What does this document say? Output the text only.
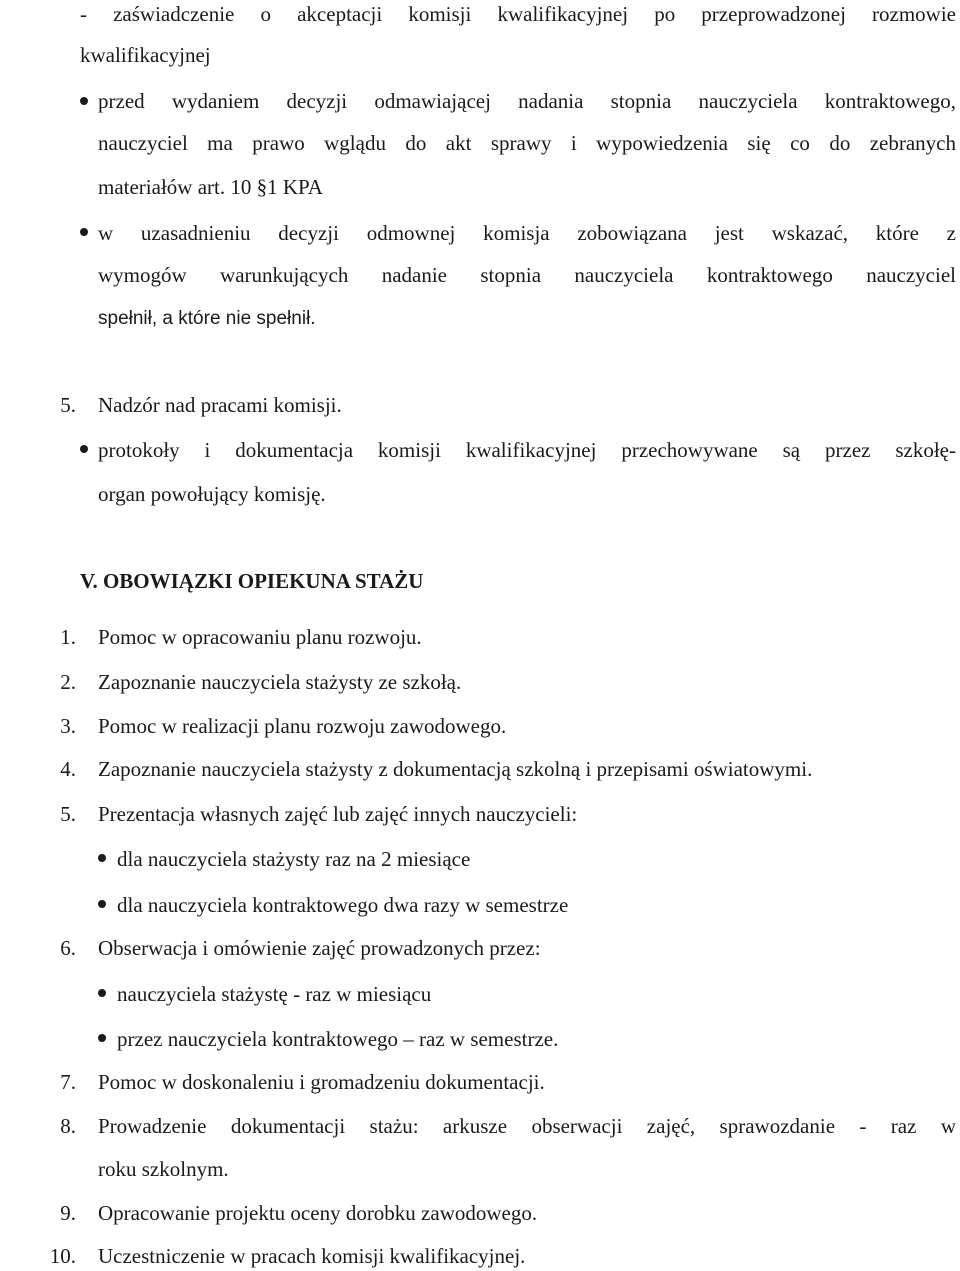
- zaświadczenie o akceptacji komisji kwalifikacyjnej po przeprowadzonej rozmowie
kwalifikacyjnej
przed wydaniem decyzji odmawiającej nadania stopnia nauczyciela kontraktowego,
nauczyciel ma prawo wglądu do akt sprawy i wypowiedzenia się co do zebranych
materiałów art. 10 §1 KPA
w uzasadnieniu decyzji odmownej komisja zobowiązana jest wskazać, które z
wymogów warunkujących nadanie stopnia nauczyciela kontraktowego nauczyciel
spełnił, a które nie spełnił.
5. Nadzór nad pracami komisji.
protokoły i dokumentacja komisji kwalifikacyjnej przechowywane są przez szkołę-
organ powołujący komisję.
V. OBOWIĄZKI OPIEKUNA STAŻU
1. Pomoc w opracowaniu planu rozwoju.
2. Zapoznanie nauczyciela stażysty ze szkołą.
3. Pomoc w realizacji planu rozwoju zawodowego.
4. Zapoznanie nauczyciela stażysty z dokumentacją szkolną i przepisami oświatowymi.
5. Prezentacja własnych zajęć lub zajęć innych nauczycieli:
dla nauczyciela stażysty raz na 2 miesiące
dla nauczyciela kontraktowego dwa razy w semestrze
6. Obserwacja i omówienie zajęć prowadzonych przez:
nauczyciela stażystę - raz w miesiącu
przez nauczyciela kontraktowego – raz w semestrze.
7. Pomoc w doskonaleniu i gromadzeniu dokumentacji.
8. Prowadzenie dokumentacji stażu: arkusze obserwacji zajęć, sprawozdanie - raz w
roku szkolnym.
9. Opracowanie projektu oceny dorobku zawodowego.
10. Uczestniczenie w pracach komisji kwalifikacyjnej.
